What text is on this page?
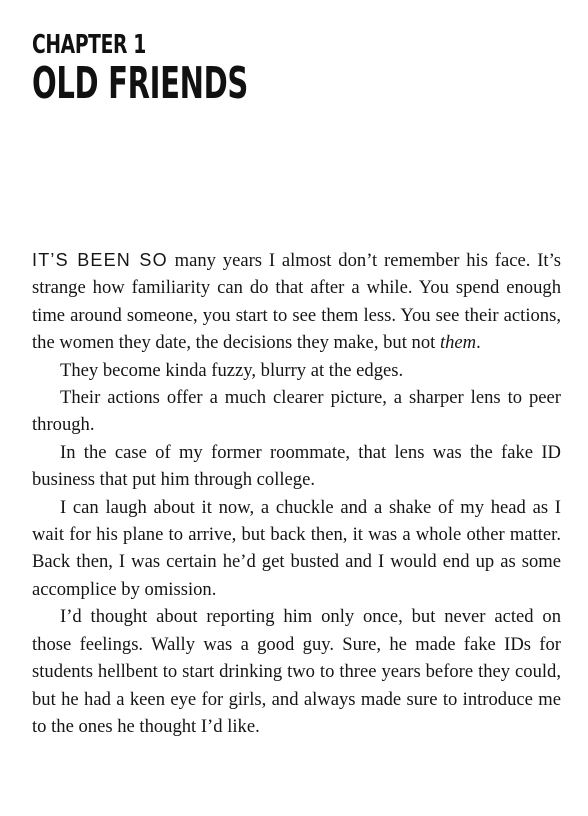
CHAPTER 1
OLD FRIENDS

IT’S BEEN SO many years I almost don’t remember his face. It’s strange how familiarity can do that after a while. You spend enough time around someone, you start to see them less. You see their actions, the women they date, the decisions they make, but not them.

They become kinda fuzzy, blurry at the edges.

Their actions offer a much clearer picture, a sharper lens to peer through.

In the case of my former roommate, that lens was the fake ID business that put him through college.

I can laugh about it now, a chuckle and a shake of my head as I wait for his plane to arrive, but back then, it was a whole other matter. Back then, I was certain he’d get busted and I would end up as some accomplice by omission.

I’d thought about reporting him only once, but never acted on those feelings. Wally was a good guy. Sure, he made fake IDs for students hellbent to start drinking two to three years before they could, but he had a keen eye for girls, and always made sure to introduce me to the ones he thought I’d like.
